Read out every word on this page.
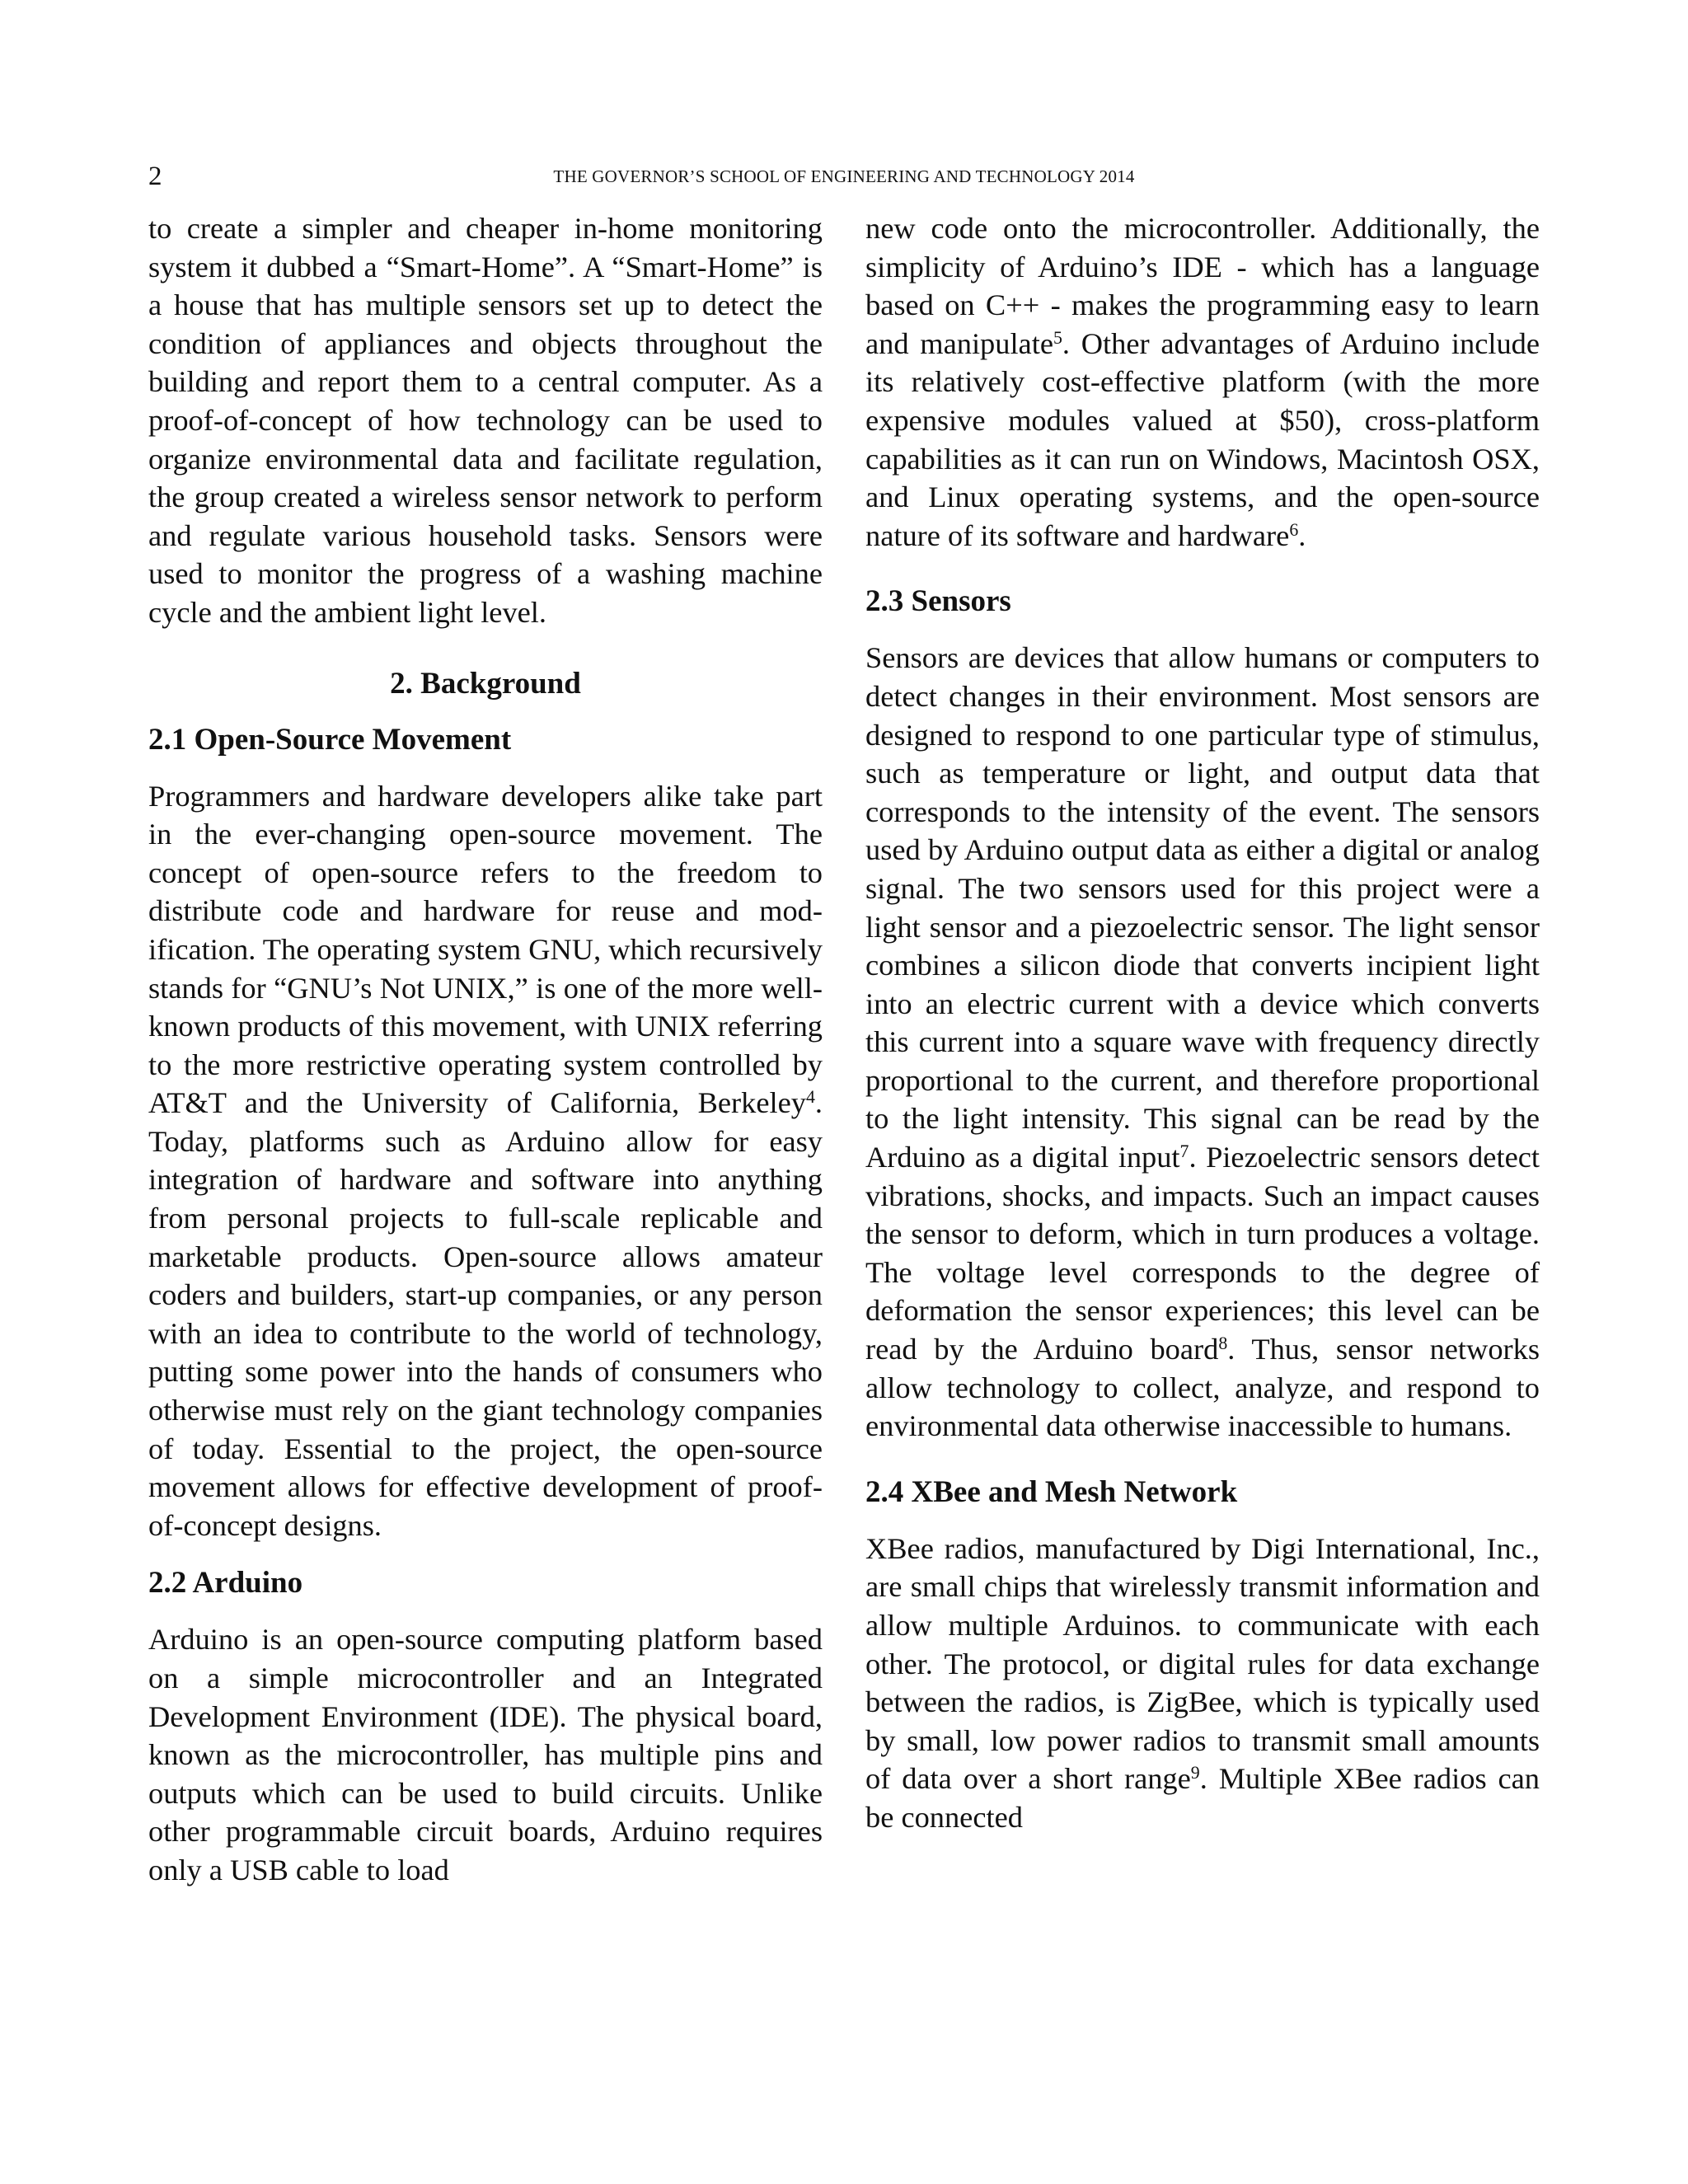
2	THE GOVERNOR’S SCHOOL OF ENGINEERING AND TECHNOLOGY 2014

to create a simpler and cheaper in-home monitoring system it dubbed a “Smart-Home”. A “Smart-Home” is a house that has multiple sensors set up to detect the condition of appliances and objects throughout the building and report them to a central computer. As a proof-of-concept of how technology can be used to organize environmental data and facilitate regulation, the group created a wireless sensor network to perform and regulate various household tasks. Sensors were used to monitor the progress of a washing machine cycle and the ambient light level.

2. Background
2.1 Open-Source Movement

Programmers and hardware developers alike take part in the ever-changing open-source movement. The concept of open-source refers to the freedom to distribute code and hardware for reuse and modification. The operating system GNU, which recursively stands for “GNU’s Not UNIX,” is one of the more well-known products of this movement, with UNIX referring to the more restrictive operating system controlled by AT&T and the University of California, Berkeley$^4$. Today, platforms such as Arduino allow for easy integration of hardware and software into anything from personal projects to full-scale replicable and marketable products. Open-source allows amateur coders and builders, start-up companies, or any person with an idea to contribute to the world of technology, putting some power into the hands of consumers who otherwise must rely on the giant technology companies of today. Essential to the project, the open-source movement allows for effective development of proof-of-concept designs.

2.2 Arduino

Arduino is an open-source computing platform based on a simple microcontroller and an Integrated Development Environment (IDE). The physical board, known as the microcontroller, has multiple pins and outputs which can be used to build circuits. Unlike other programmable circuit boards, Arduino requires only a USB cable to load

new code onto the microcontroller. Additionally, the simplicity of Arduino’s IDE - which has a language based on C++ - makes the programming easy to learn and manipulate$^5$. Other advantages of Arduino include its relatively cost-effective platform (with the more expensive modules valued at $50), cross-platform capabilities as it can run on Windows, Macintosh OSX, and Linux operating systems, and the open-source nature of its software and hardware$^6$.

2.3 Sensors

Sensors are devices that allow humans or computers to detect changes in their environment. Most sensors are designed to respond to one particular type of stimulus, such as temperature or light, and output data that corresponds to the intensity of the event. The sensors used by Arduino output data as either a digital or analog signal. The two sensors used for this project were a light sensor and a piezoelectric sensor. The light sensor combines a silicon diode that converts incipient light into an electric current with a device which converts this current into a square wave with frequency directly proportional to the current, and therefore proportional to the light intensity. This signal can be read by the Arduino as a digital input$^7$. Piezoelectric sensors detect vibrations, shocks, and impacts. Such an impact causes the sensor to deform, which in turn produces a voltage. The voltage level corresponds to the degree of deformation the sensor experiences; this level can be read by the Arduino board$^8$. Thus, sensor networks allow technology to collect, analyze, and respond to environmental data otherwise inaccessible to humans.

2.4 XBee and Mesh Network

XBee radios, manufactured by Digi International, Inc., are small chips that wirelessly transmit information and allow multiple Arduinos. to communicate with each other. The protocol, or digital rules for data exchange between the radios, is ZigBee, which is typically used by small, low power radios to transmit small amounts of data over a short range$^9$. Multiple XBee radios can be connected
